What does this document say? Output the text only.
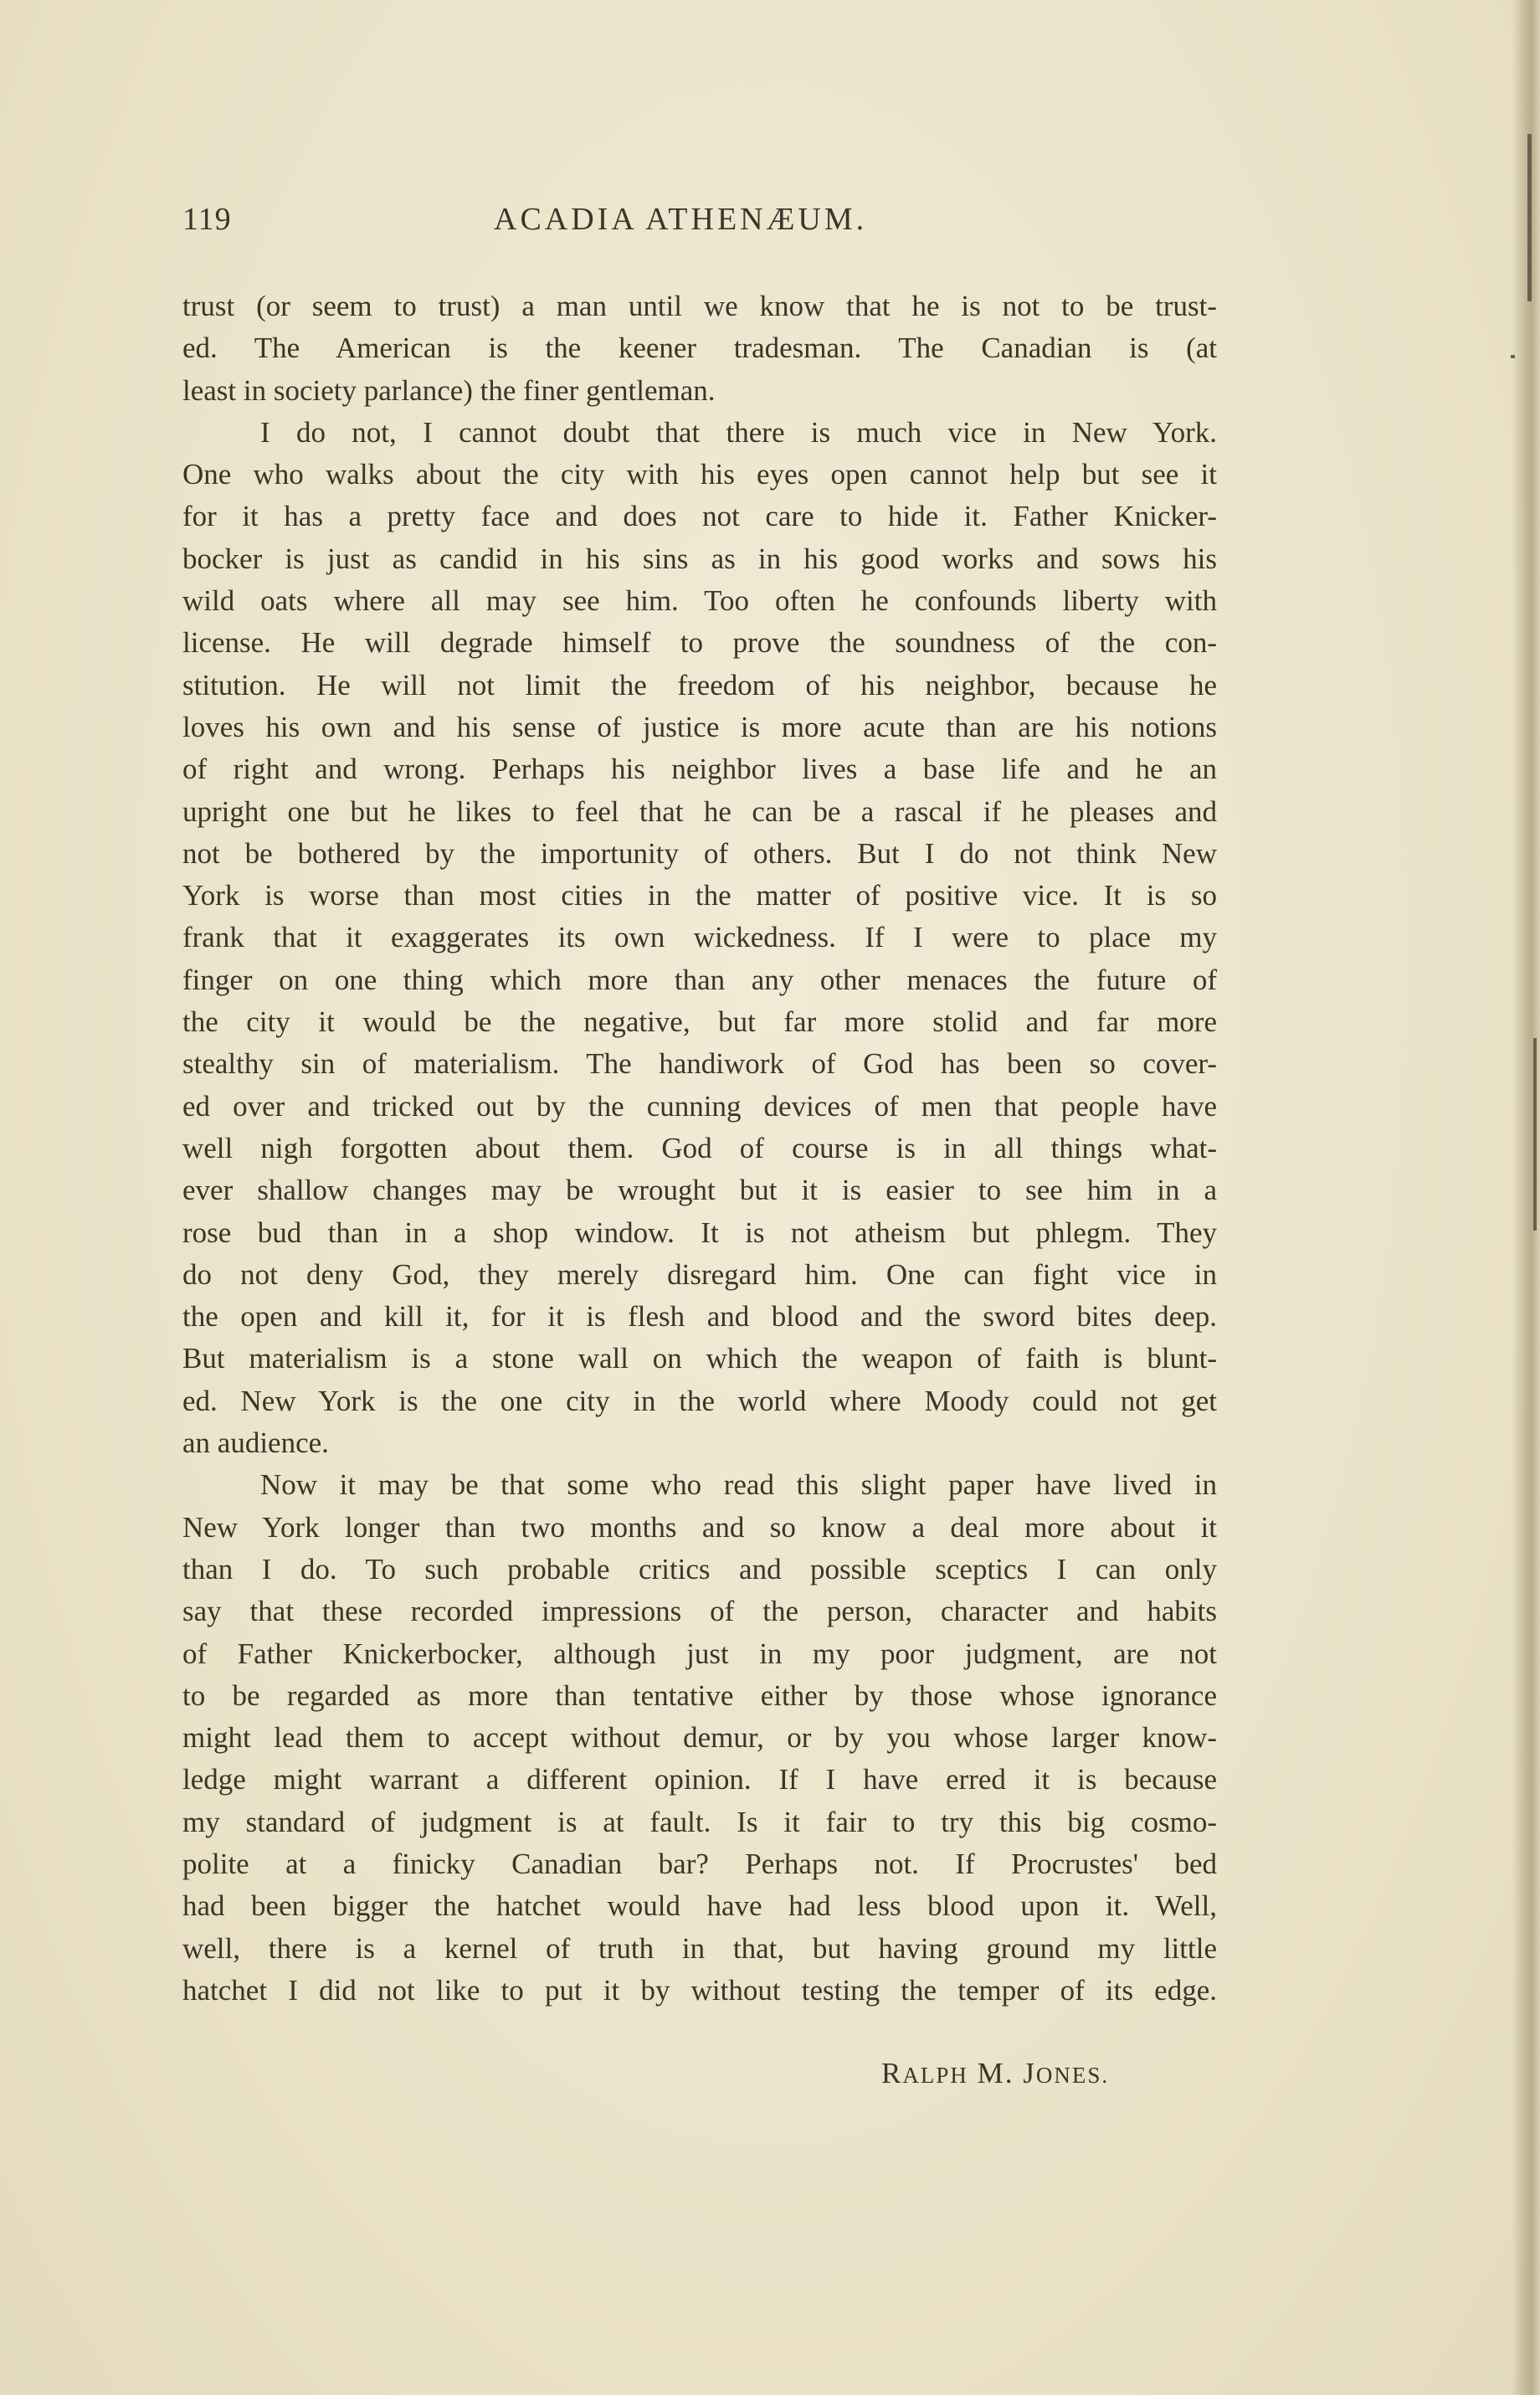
119	ACADIA ATHENÆUM.
trust (or seem to trust) a man until we know that he is not to be trust-
ed. The American is the keener tradesman. The Canadian is (at
least in society parlance) the finer gentleman.
I do not, I cannot doubt that there is much vice in New York.
One who walks about the city with his eyes open cannot help but see it
for it has a pretty face and does not care to hide it. Father Knicker-
bocker is just as candid in his sins as in his good works and sows his
wild oats where all may see him. Too often he confounds liberty with
license. He will degrade himself to prove the soundness of the con-
stitution. He will not limit the freedom of his neighbor, because he
loves his own and his sense of justice is more acute than are his notions
of right and wrong. Perhaps his neighbor lives a base life and he an
upright one but he likes to feel that he can be a rascal if he pleases and
not be bothered by the importunity of others. But I do not think New
York is worse than most cities in the matter of positive vice. It is so
frank that it exaggerates its own wickedness. If I were to place my
finger on one thing which more than any other menaces the future of
the city it would be the negative, but far more stolid and far more
stealthy sin of materialism. The handiwork of God has been so cover-
ed over and tricked out by the cunning devices of men that people have
well nigh forgotten about them. God of course is in all things what-
ever shallow changes may be wrought but it is easier to see him in a
rose bud than in a shop window. It is not atheism but phlegm. They
do not deny God, they merely disregard him. One can fight vice in
the open and kill it, for it is flesh and blood and the sword bites deep.
But materialism is a stone wall on which the weapon of faith is blunt-
ed. New York is the one city in the world where Moody could not get
an audience.
Now it may be that some who read this slight paper have lived in
New York longer than two months and so know a deal more about it
than I do. To such probable critics and possible sceptics I can only
say that these recorded impressions of the person, character and habits
of Father Knickerbocker, although just in my poor judgment, are not
to be regarded as more than tentative either by those whose ignorance
might lead them to accept without demur, or by you whose larger know-
ledge might warrant a different opinion. If I have erred it is because
my standard of judgment is at fault. Is it fair to try this big cosmo-
polite at a finicky Canadian bar? Perhaps not. If Procrustes' bed
had been bigger the hatchet would have had less blood upon it. Well,
well, there is a kernel of truth in that, but having ground my little
hatchet I did not like to put it by without testing the temper of its edge.
RALPH M. JONES.
